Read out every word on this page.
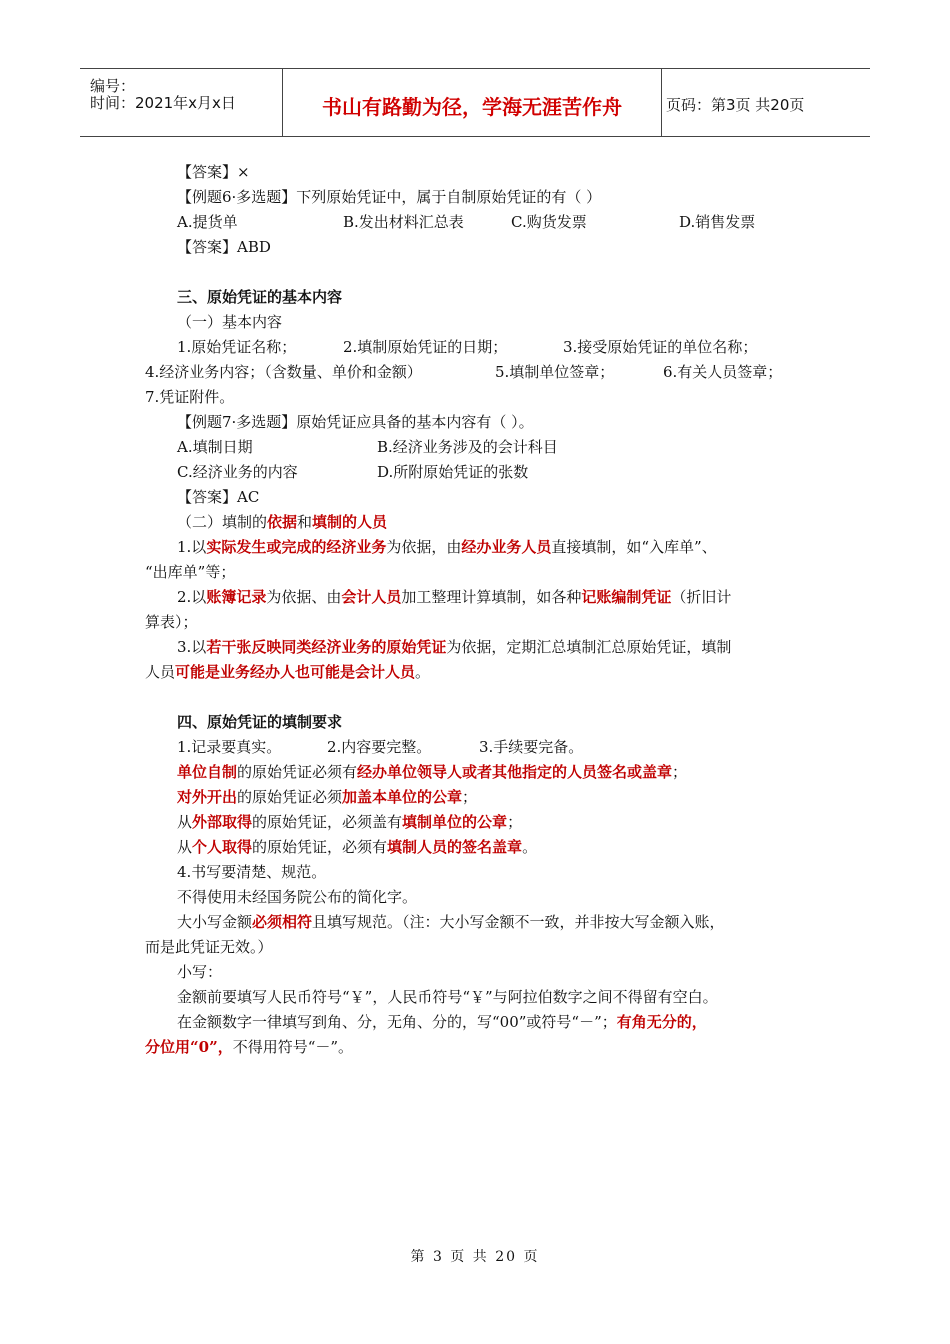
编号：
时间：2021年x月x日	书山有路勤为径，学海无涯苦作舟	页码：第3页 共20页
【答案】×
【例题6·多选题】下列原始凭证中，属于自制原始凭证的有（ ）
A.提货单	B.发出材料汇总表	C.购货发票	D.销售发票
【答案】ABD
三、原始凭证的基本内容
（一）基本内容
1.原始凭证名称；	2.填制原始凭证的日期；	3.接受原始凭证的单位名称；
4.经济业务内容；（含数量、单价和金额）	5.填制单位签章；	6.有关人员签章；
7.凭证附件。
【例题7·多选题】原始凭证应具备的基本内容有（ ）。
A.填制日期	B.经济业务涉及的会计科目
C.经济业务的内容	D.所附原始凭证的张数
【答案】AC
（二）填制的依据和填制的人员
1.以实际发生或完成的经济业务为依据，由经办业务人员直接填制，如“入库单”、
“出库单”等；
2.以账簿记录为依据、由会计人员加工整理计算填制，如各种记账编制凭证（折旧计
算表）；
3.以若干张反映同类经济业务的原始凭证为依据，定期汇总填制汇总原始凭证，填制
人员可能是业务经办人也可能是会计人员。
四、原始凭证的填制要求
1.记录要真实。	2.内容要完整。	3.手续要完备。
单位自制的原始凭证必须有经办单位领导人或者其他指定的人员签名或盖章；
对外开出的原始凭证必须加盖本单位的公章；
从外部取得的原始凭证，必须盖有填制单位的公章；
从个人取得的原始凭证，必须有填制人员的签名盖章。
4.书写要清楚、规范。
不得使用未经国务院公布的简化字。
大小写金额必须相符且填写规范。（注：大小写金额不一致，并非按大写金额入账，
而是此凭证无效。）
小写：
金额前要填写人民币符号“￥”，人民币符号“￥”与阿拉伯数字之间不得留有空白。
在金额数字一律填写到角、分，无角、分的，写“00”或符号“－”；有角无分的，
分位用“0”，不得用符号“－”。
第 3 页 共 20 页
